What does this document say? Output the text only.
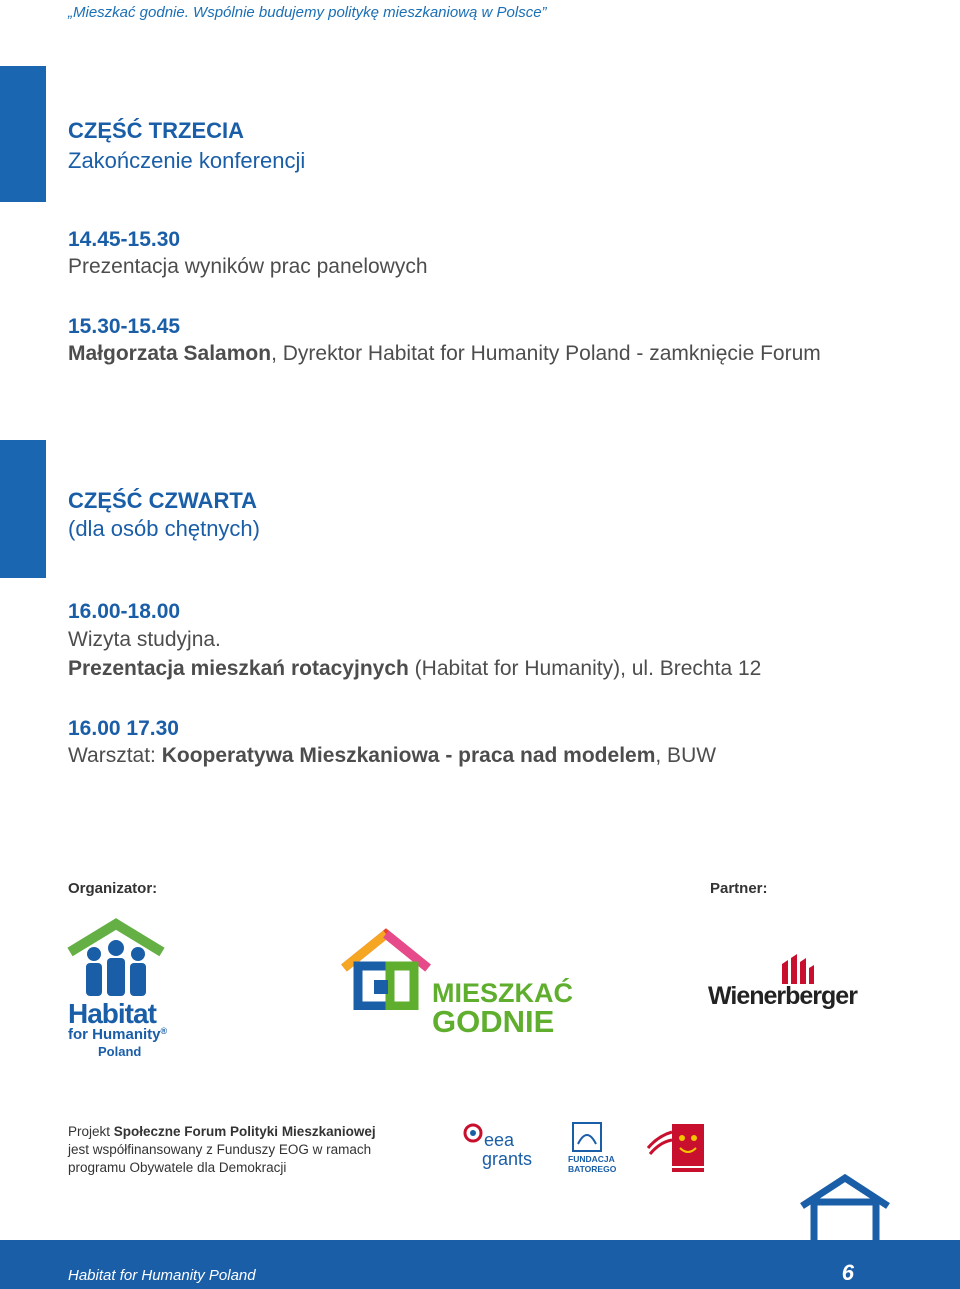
„Mieszkać godnie. Wspólnie budujemy politykę mieszkaniową w Polsce”
CZĘŚĆ TRZECIA
Zakończenie konferencji
14.45-15.30
Prezentacja wyników prac panelowych
15.30-15.45
Małgorzata Salamon, Dyrektor Habitat for Humanity Poland - zamknięcie Forum
CZĘŚĆ CZWARTA
(dla osób chętnych)
16.00-18.00
Wizyta studyjna.
Prezentacja mieszkań rotacyjnych (Habitat for Humanity), ul. Brechta 12
16.00 17.30
Warsztat: Kooperatywa Mieszkaniowa - praca nad modelem, BUW
Organizator:	Partner:
Habitat
for Humanity®
Poland
MIESZKAĆ
GODNIE
Wienerberger
Projekt Społeczne Forum Polityki Mieszkaniowej
jest współfinansowany z Funduszy EOG w ramach
programu Obywatele dla Demokracji
eea
grants	FUNDACJA
BATOREGO
Habitat for Humanity Poland	6
